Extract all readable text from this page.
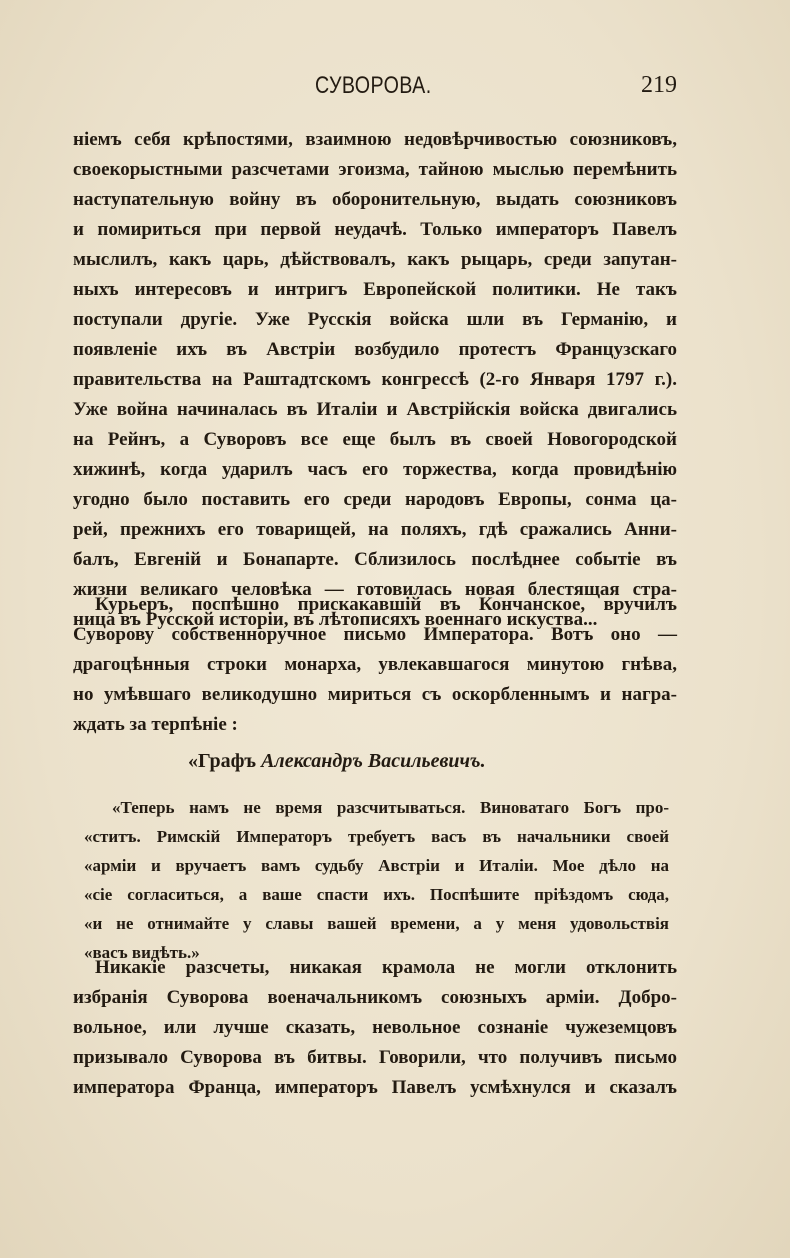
СУВОРОВА.	219
ніемъ себя крѣпостями, взаимною недовѣрчивостью союзниковъ,
своекорыстными разсчетами эгоизма, тайною мыслью перемѣнить
наступательную войну въ оборонительную, выдать союзниковъ
и помириться при первой неудачѣ. Только императоръ Павелъ
мыслилъ, какъ царь, дѣйствовалъ, какъ рыцарь, среди запутан-
ныхъ интересовъ и интригъ Европейской политики. Не такъ
поступали другіе. Уже Русскія войска шли въ Германію, и
появленіе ихъ въ Австріи возбудило протестъ Французскаго
правительства на Раштадтскомъ конгрессѣ (2-го Января 1797 г.).
Уже война начиналась въ Италіи и Австрійскія войска двигались
на Рейнъ, а Суворовъ все еще былъ въ своей Новогородской
хижинѣ, когда ударилъ часъ его торжества, когда провидѣнію
угодно было поставить его среди народовъ Европы, сонма ца-
рей, прежнихъ его товарищей, на поляхъ, гдѣ сражались Анни-
балъ, Евгеній и Бонапарте. Сблизилось послѣднее событіе въ
жизни великаго человѣка — готовилась новая блестящая стра-
ница въ Русской исторіи, въ лѣтописяхъ военнаго искуства...
Курьеръ, поспѣшно прискакавшій въ Кончанское, вручилъ
Суворову собственноручное письмо Императора. Вотъ оно —
драгоцѣнныя строки монарха, увлекавшагося минутою гнѣва,
но умѣвшаго великодушно мириться съ оскорбленнымъ и награ-
ждать за терпѣніе :
«Графъ Александръ Васильевичъ.
«Теперь намъ не время разсчитываться. Виноватаго Богъ про-
«ститъ. Римскій Императоръ требуетъ васъ въ начальники своей
«арміи и вручаетъ вамъ судьбу Австріи и Италіи. Мое дѣло на
«сіе согласиться, а ваше спасти ихъ. Поспѣшите пріѣздомъ сюда,
«и не отнимайте у славы вашей времени, а у меня удовольствія
«васъ видѣть.»
Никакіе разсчеты, никакая крамола не могли отклонить
избранія Суворова военачальникомъ союзныхъ арміи. Добро-
вольное, или лучше сказать, невольное сознаніе чужеземцовъ
призывало Суворова въ битвы. Говорили, что получивъ письмо
императора Франца, императоръ Павелъ усмѣхнулся и сказалъ
